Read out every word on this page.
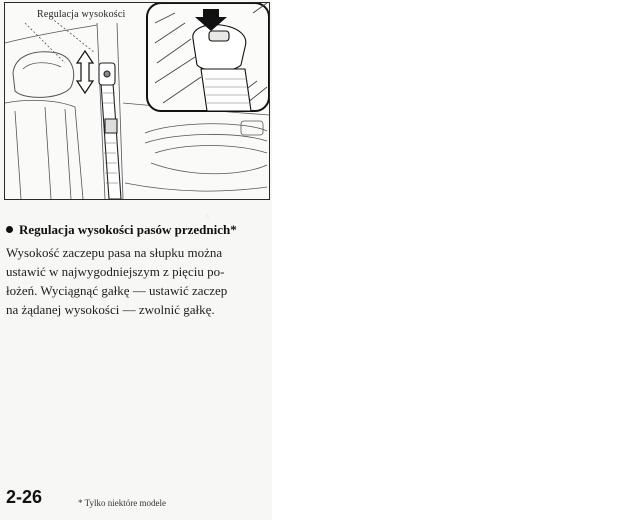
Regulacja wysokości
▫
Regulacja wysokości pasów przednich*
Wysokość zaczepu pasa na słupku można
ustawić w najwygodniejszym z pięciu po-
łożeń. Wyciągnąć gałkę — ustawić zaczep
na żądanej wysokości — zwolnić gałkę.
2-26	* Tylko niektóre modele
